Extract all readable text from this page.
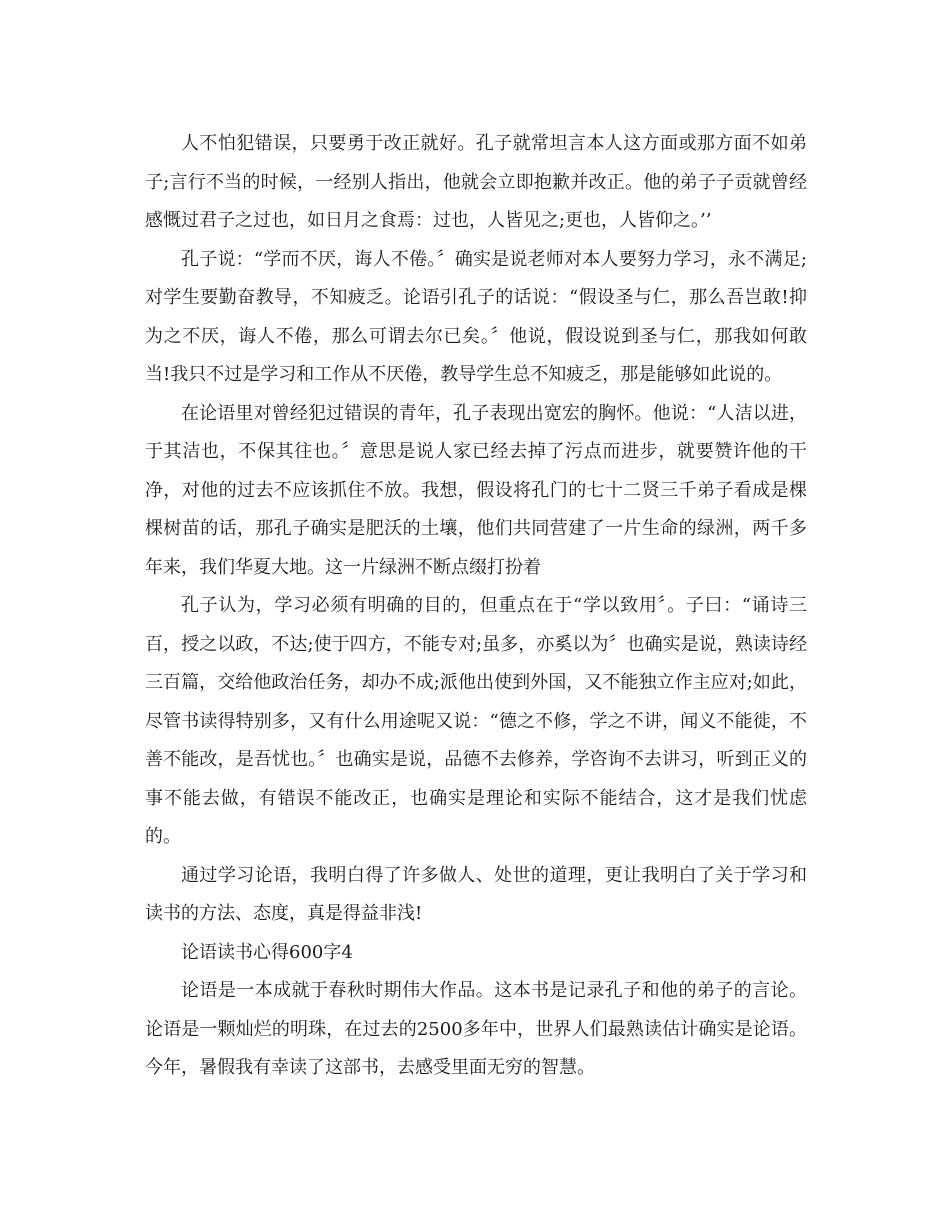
人不怕犯错误，只要勇于改正就好。孔子就常坦言本人这方面或那方面不如弟子;言行不当的时候，一经别人指出，他就会立即抱歉并改正。他的弟子子贡就曾经感慨过君子之过也，如日月之食焉：过也，人皆见之;更也，人皆仰之。’’

孔子说：“学而不厌，诲人不倦。〞确实是说老师对本人要努力学习，永不满足;对学生要勤奋教导，不知疲乏。论语引孔子的话说：“假设圣与仁，那么吾岂敢!抑为之不厌，诲人不倦，那么可谓去尔已矣。〞他说，假设说到圣与仁，那我如何敢当!我只不过是学习和工作从不厌倦，教导学生总不知疲乏，那是能够如此说的。

在论语里对曾经犯过错误的青年，孔子表现出宽宏的胸怀。他说：“人洁以进，于其洁也，不保其往也。〞意思是说人家已经去掉了污点而进步，就要赞许他的干净，对他的过去不应该抓住不放。我想，假设将孔门的七十二贤三千弟子看成是棵棵树苗的话，那孔子确实是肥沃的土壤，他们共同营建了一片生命的绿洲，两千多年来，我们华夏大地。这一片绿洲不断点缀打扮着

孔子认为，学习必须有明确的目的，但重点在于“学以致用〞。子曰：“诵诗三百，授之以政，不达;使于四方，不能专对;虽多，亦奚以为〞也确实是说，熟读诗经三百篇，交给他政治任务，却办不成;派他出使到外国，又不能独立作主应对;如此，尽管书读得特别多，又有什么用途呢又说：“德之不修，学之不讲，闻义不能徙，不善不能改，是吾忧也。〞也确实是说，品德不去修养，学咨询不去讲习，听到正义的事不能去做，有错误不能改正，也确实是理论和实际不能结合，这才是我们忧虑的。

通过学习论语，我明白得了许多做人、处世的道理，更让我明白了关于学习和读书的方法、态度，真是得益非浅!

论语读书心得600字4

论语是一本成就于春秋时期伟大作品。这本书是记录孔子和他的弟子的言论。论语是一颗灿烂的明珠，在过去的2500多年中，世界人们最熟读估计确实是论语。今年，暑假我有幸读了这部书，去感受里面无穷的智慧。
